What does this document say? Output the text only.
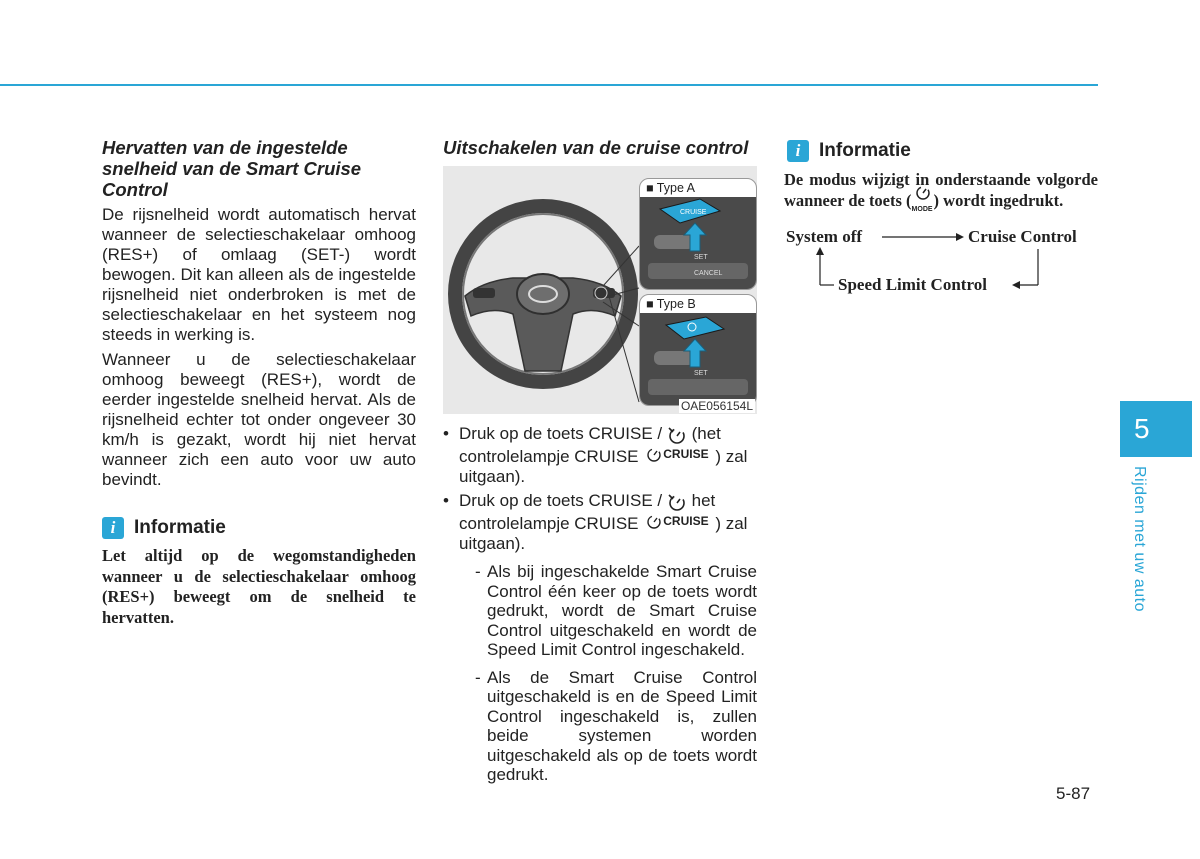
Hervatten van de ingestelde snelheid van de Smart Cruise Control

De rijsnelheid wordt automatisch hervat wanneer de selectieschakelaar omhoog (RES+) of omlaag (SET-) wordt bewogen. Dit kan alleen als de ingestelde rijsnelheid niet onderbroken is met de selectieschakelaar en het systeem nog steeds in werking is.

Wanneer u de selectieschakelaar omhoog beweegt (RES+), wordt de eerder ingestelde snelheid hervat. Als de rijsnelheid echter tot onder ongeveer 30 km/h is gezakt, wordt hij niet hervat wanneer zich een auto voor uw auto bevindt.

i Informatie

Let altijd op de wegomstandigheden wanneer u de selectieschakelaar omhoog (RES+) beweegt om de snelheid te hervatten.

Uitschakelen van de cruise control
■ Type A
CRUISE
SET
CANCEL
■ Type B
SET
OAE056154L
• Druk op de toets CRUISE / (het controlelampje CRUISE CRUISE ) zal uitgaan).
• Druk op de toets CRUISE / het controlelampje CRUISE CRUISE ) zal uitgaan).

- Als bij ingeschakelde Smart Cruise Control één keer op de toets wordt gedrukt, wordt de Smart Cruise Control uitgeschakeld en wordt de Speed Limit Control ingeschakeld.

- Als de Smart Cruise Control uitgeschakeld is en de Speed Limit Control ingeschakeld is, zullen beide systemen worden uitgeschakeld als op de toets wordt gedrukt.

i Informatie

De modus wijzigt in onderstaande volgorde wanneer de toets ( MODE ) wordt ingedrukt.

System off	Cruise Control
Speed Limit Control
5
Rijden met uw auto
5-87
